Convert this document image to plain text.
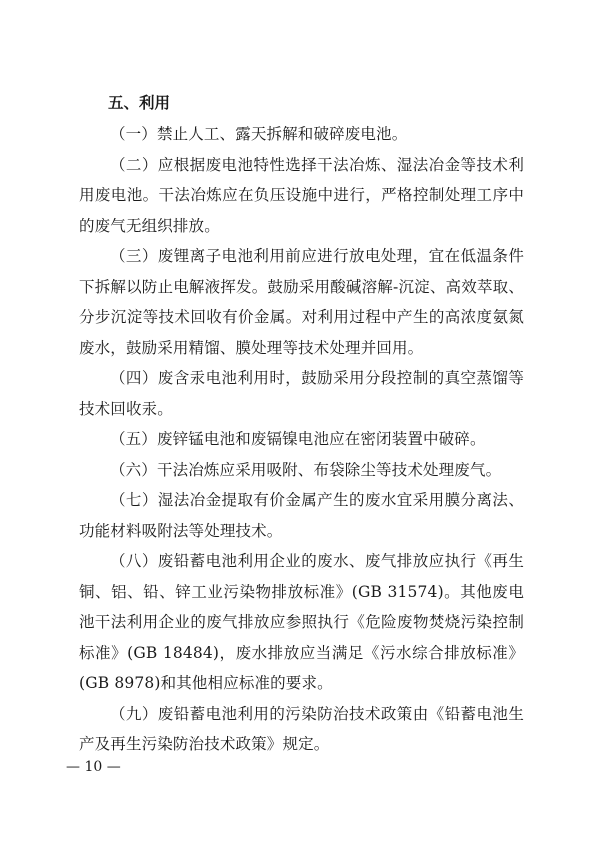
五、利用

（一）禁止人工、露天拆解和破碎废电池。

（二）应根据废电池特性选择干法冶炼、湿法冶金等技术利用废电池。干法冶炼应在负压设施中进行，严格控制处理工序中的废气无组织排放。

（三）废锂离子电池利用前应进行放电处理，宜在低温条件下拆解以防止电解液挥发。鼓励采用酸碱溶解-沉淀、高效萃取、分步沉淀等技术回收有价金属。对利用过程中产生的高浓度氨氮废水，鼓励采用精馏、膜处理等技术处理并回用。

（四）废含汞电池利用时，鼓励采用分段控制的真空蒸馏等技术回收汞。

（五）废锌锰电池和废镉镍电池应在密闭装置中破碎。

（六）干法冶炼应采用吸附、布袋除尘等技术处理废气。

（七）湿法冶金提取有价金属产生的废水宜采用膜分离法、功能材料吸附法等处理技术。

（八）废铅蓄电池利用企业的废水、废气排放应执行《再生铜、铝、铅、锌工业污染物排放标准》(GB 31574)。其他废电池干法利用企业的废气排放应参照执行《危险废物焚烧污染控制标准》(GB 18484)，废水排放应当满足《污水综合排放标准》(GB 8978)和其他相应标准的要求。

（九）废铅蓄电池利用的污染防治技术政策由《铅蓄电池生产及再生污染防治技术政策》规定。

— 10 —
